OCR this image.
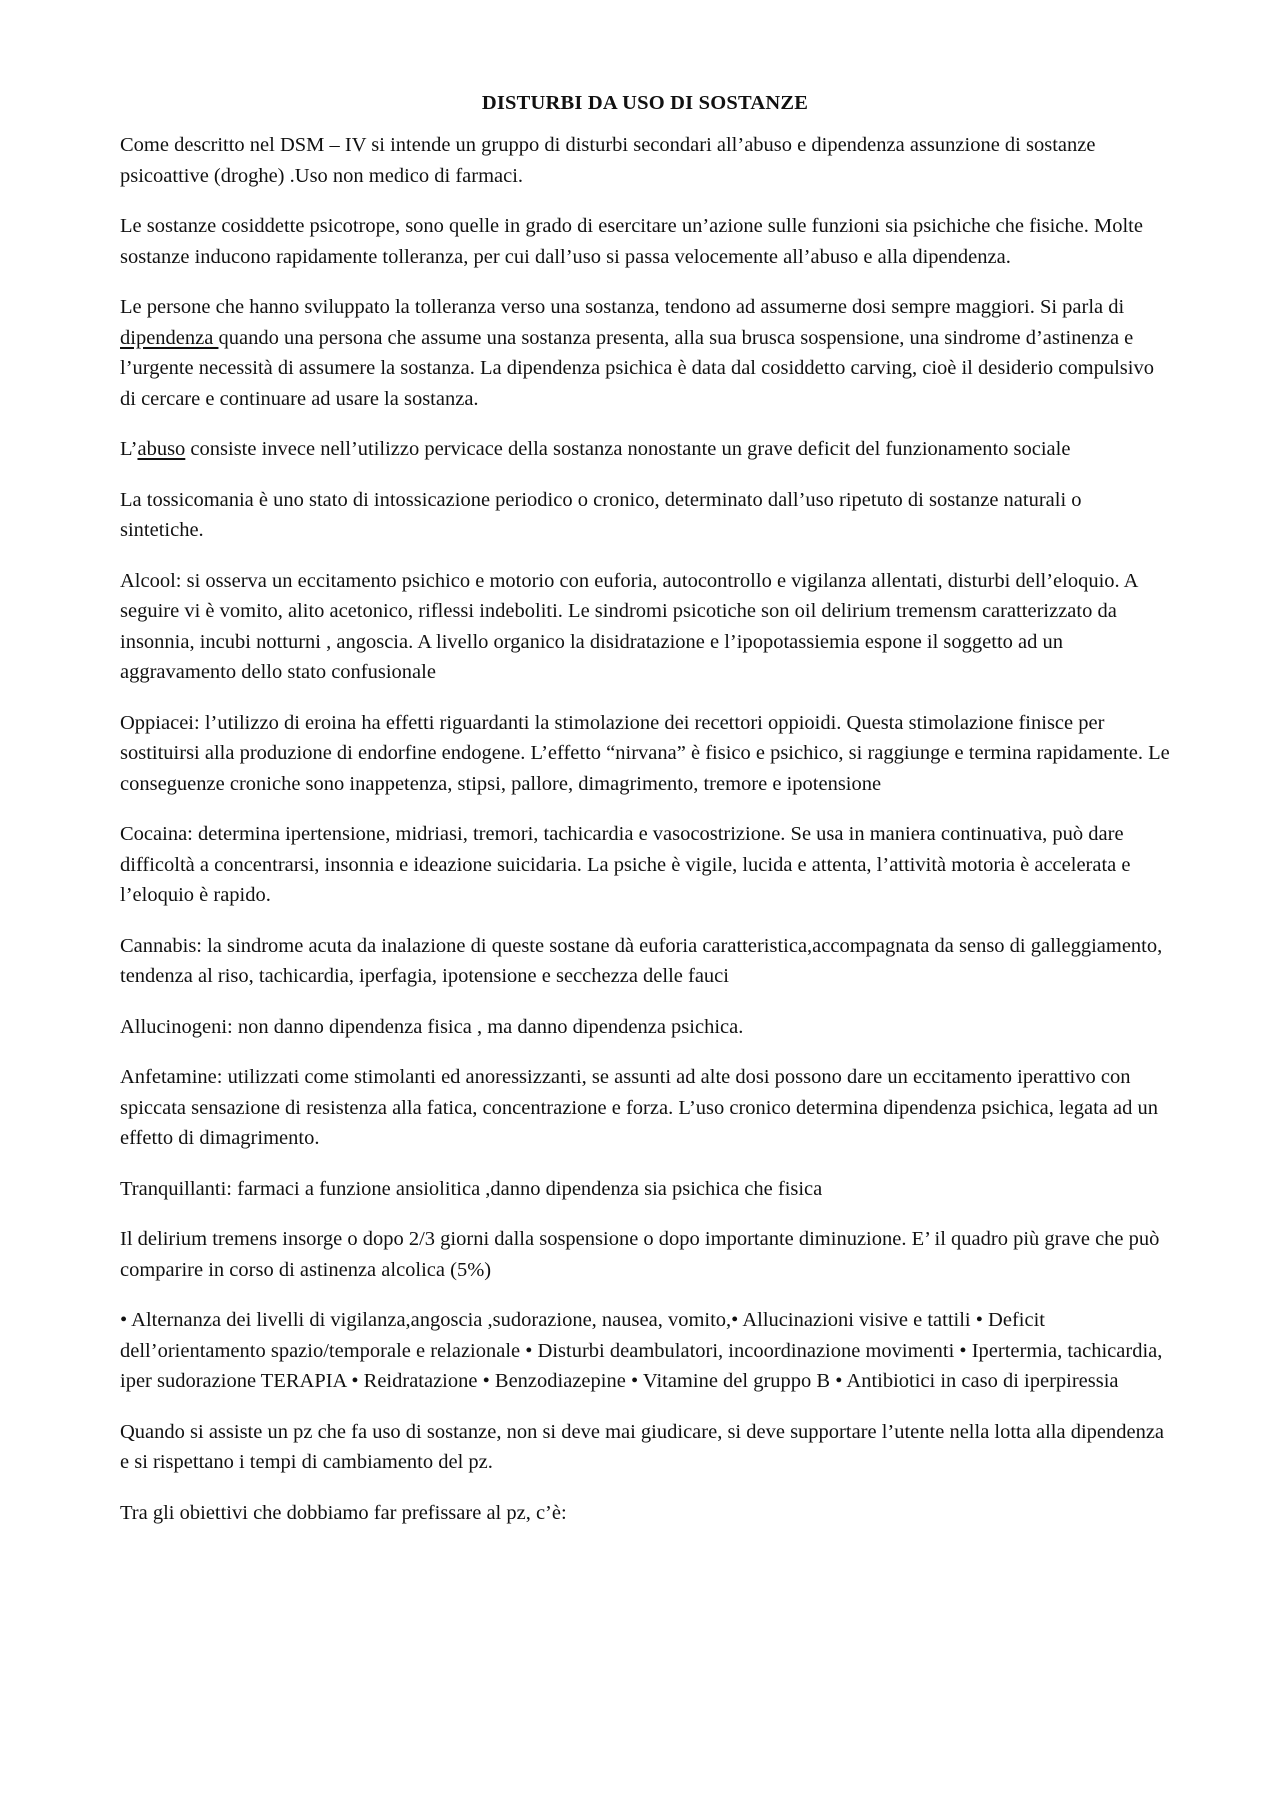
DISTURBI DA USO DI SOSTANZE

Come descritto nel DSM – IV si intende un gruppo di disturbi secondari all’abuso e dipendenza assunzione di sostanze psicoattive (droghe) .Uso non medico di farmaci.

Le sostanze cosiddette psicotrope, sono quelle in grado di esercitare un’azione sulle funzioni sia psichiche che fisiche. Molte sostanze inducono rapidamente tolleranza, per cui dall’uso si passa velocemente all’abuso e alla dipendenza.

Le persone che hanno sviluppato la tolleranza verso una sostanza, tendono ad assumerne dosi sempre maggiori. Si parla di dipendenza quando una persona che assume una sostanza presenta, alla sua brusca sospensione, una sindrome d’astinenza e l’urgente necessità di assumere la sostanza. La dipendenza psichica è data dal cosiddetto carving, cioè il desiderio compulsivo di cercare e continuare ad usare la sostanza.

L’abuso consiste invece nell’utilizzo pervicace della sostanza nonostante un grave deficit del funzionamento sociale

La tossicomania è uno stato di intossicazione periodico o cronico, determinato dall’uso ripetuto di sostanze naturali o sintetiche.

Alcool: si osserva un eccitamento psichico e motorio con euforia, autocontrollo e vigilanza allentati, disturbi dell’eloquio. A seguire vi è vomito, alito acetonico, riflessi indeboliti. Le sindromi psicotiche son oil delirium tremensm caratterizzato da insonnia, incubi notturni , angoscia. A livello organico la disidratazione e l’ipopotassiemia espone il soggetto ad un aggravamento dello stato confusionale

Oppiacei: l’utilizzo di eroina ha effetti riguardanti la stimolazione dei recettori oppioidi. Questa stimolazione finisce per sostituirsi alla produzione di endorfine endogene. L’effetto “nirvana” è fisico e psichico, si raggiunge e termina rapidamente. Le conseguenze croniche sono inappetenza, stipsi, pallore, dimagrimento, tremore e ipotensione

Cocaina: determina ipertensione, midriasi, tremori, tachicardia e vasocostrizione. Se usa in maniera continuativa, può dare difficoltà a concentrarsi, insonnia e ideazione suicidaria. La psiche è vigile, lucida e attenta, l’attività motoria è accelerata e l’eloquio è rapido.

Cannabis: la sindrome acuta da inalazione di queste sostane dà euforia caratteristica,accompagnata da senso di galleggiamento, tendenza al riso, tachicardia, iperfagia, ipotensione e secchezza delle fauci

Allucinogeni: non danno dipendenza fisica , ma danno dipendenza psichica.

Anfetamine: utilizzati come stimolanti ed anoressizzanti, se assunti ad alte dosi possono dare un eccitamento iperattivo con spiccata sensazione di resistenza alla fatica, concentrazione e forza. L’uso cronico determina dipendenza psichica, legata ad un effetto di dimagrimento.

Tranquillanti: farmaci a funzione ansiolitica ,danno dipendenza sia psichica che fisica

Il delirium tremens insorge o dopo 2/3 giorni dalla sospensione o dopo importante diminuzione. E’ il quadro più grave che può comparire in corso di astinenza alcolica (5%)

• Alternanza dei livelli di vigilanza,angoscia ,sudorazione, nausea, vomito,• Allucinazioni visive e tattili • Deficit dell’orientamento spazio/temporale e relazionale • Disturbi deambulatori, incoordinazione movimenti • Ipertermia, tachicardia, iper sudorazione TERAPIA • Reidratazione • Benzodiazepine • Vitamine del gruppo B • Antibiotici in caso di iperpiressia

Quando si assiste un pz che fa uso di sostanze, non si deve mai giudicare, si deve supportare l’utente nella lotta alla dipendenza e si rispettano i tempi di cambiamento del pz.

Tra gli obiettivi che dobbiamo far prefissare al pz, c’è:
